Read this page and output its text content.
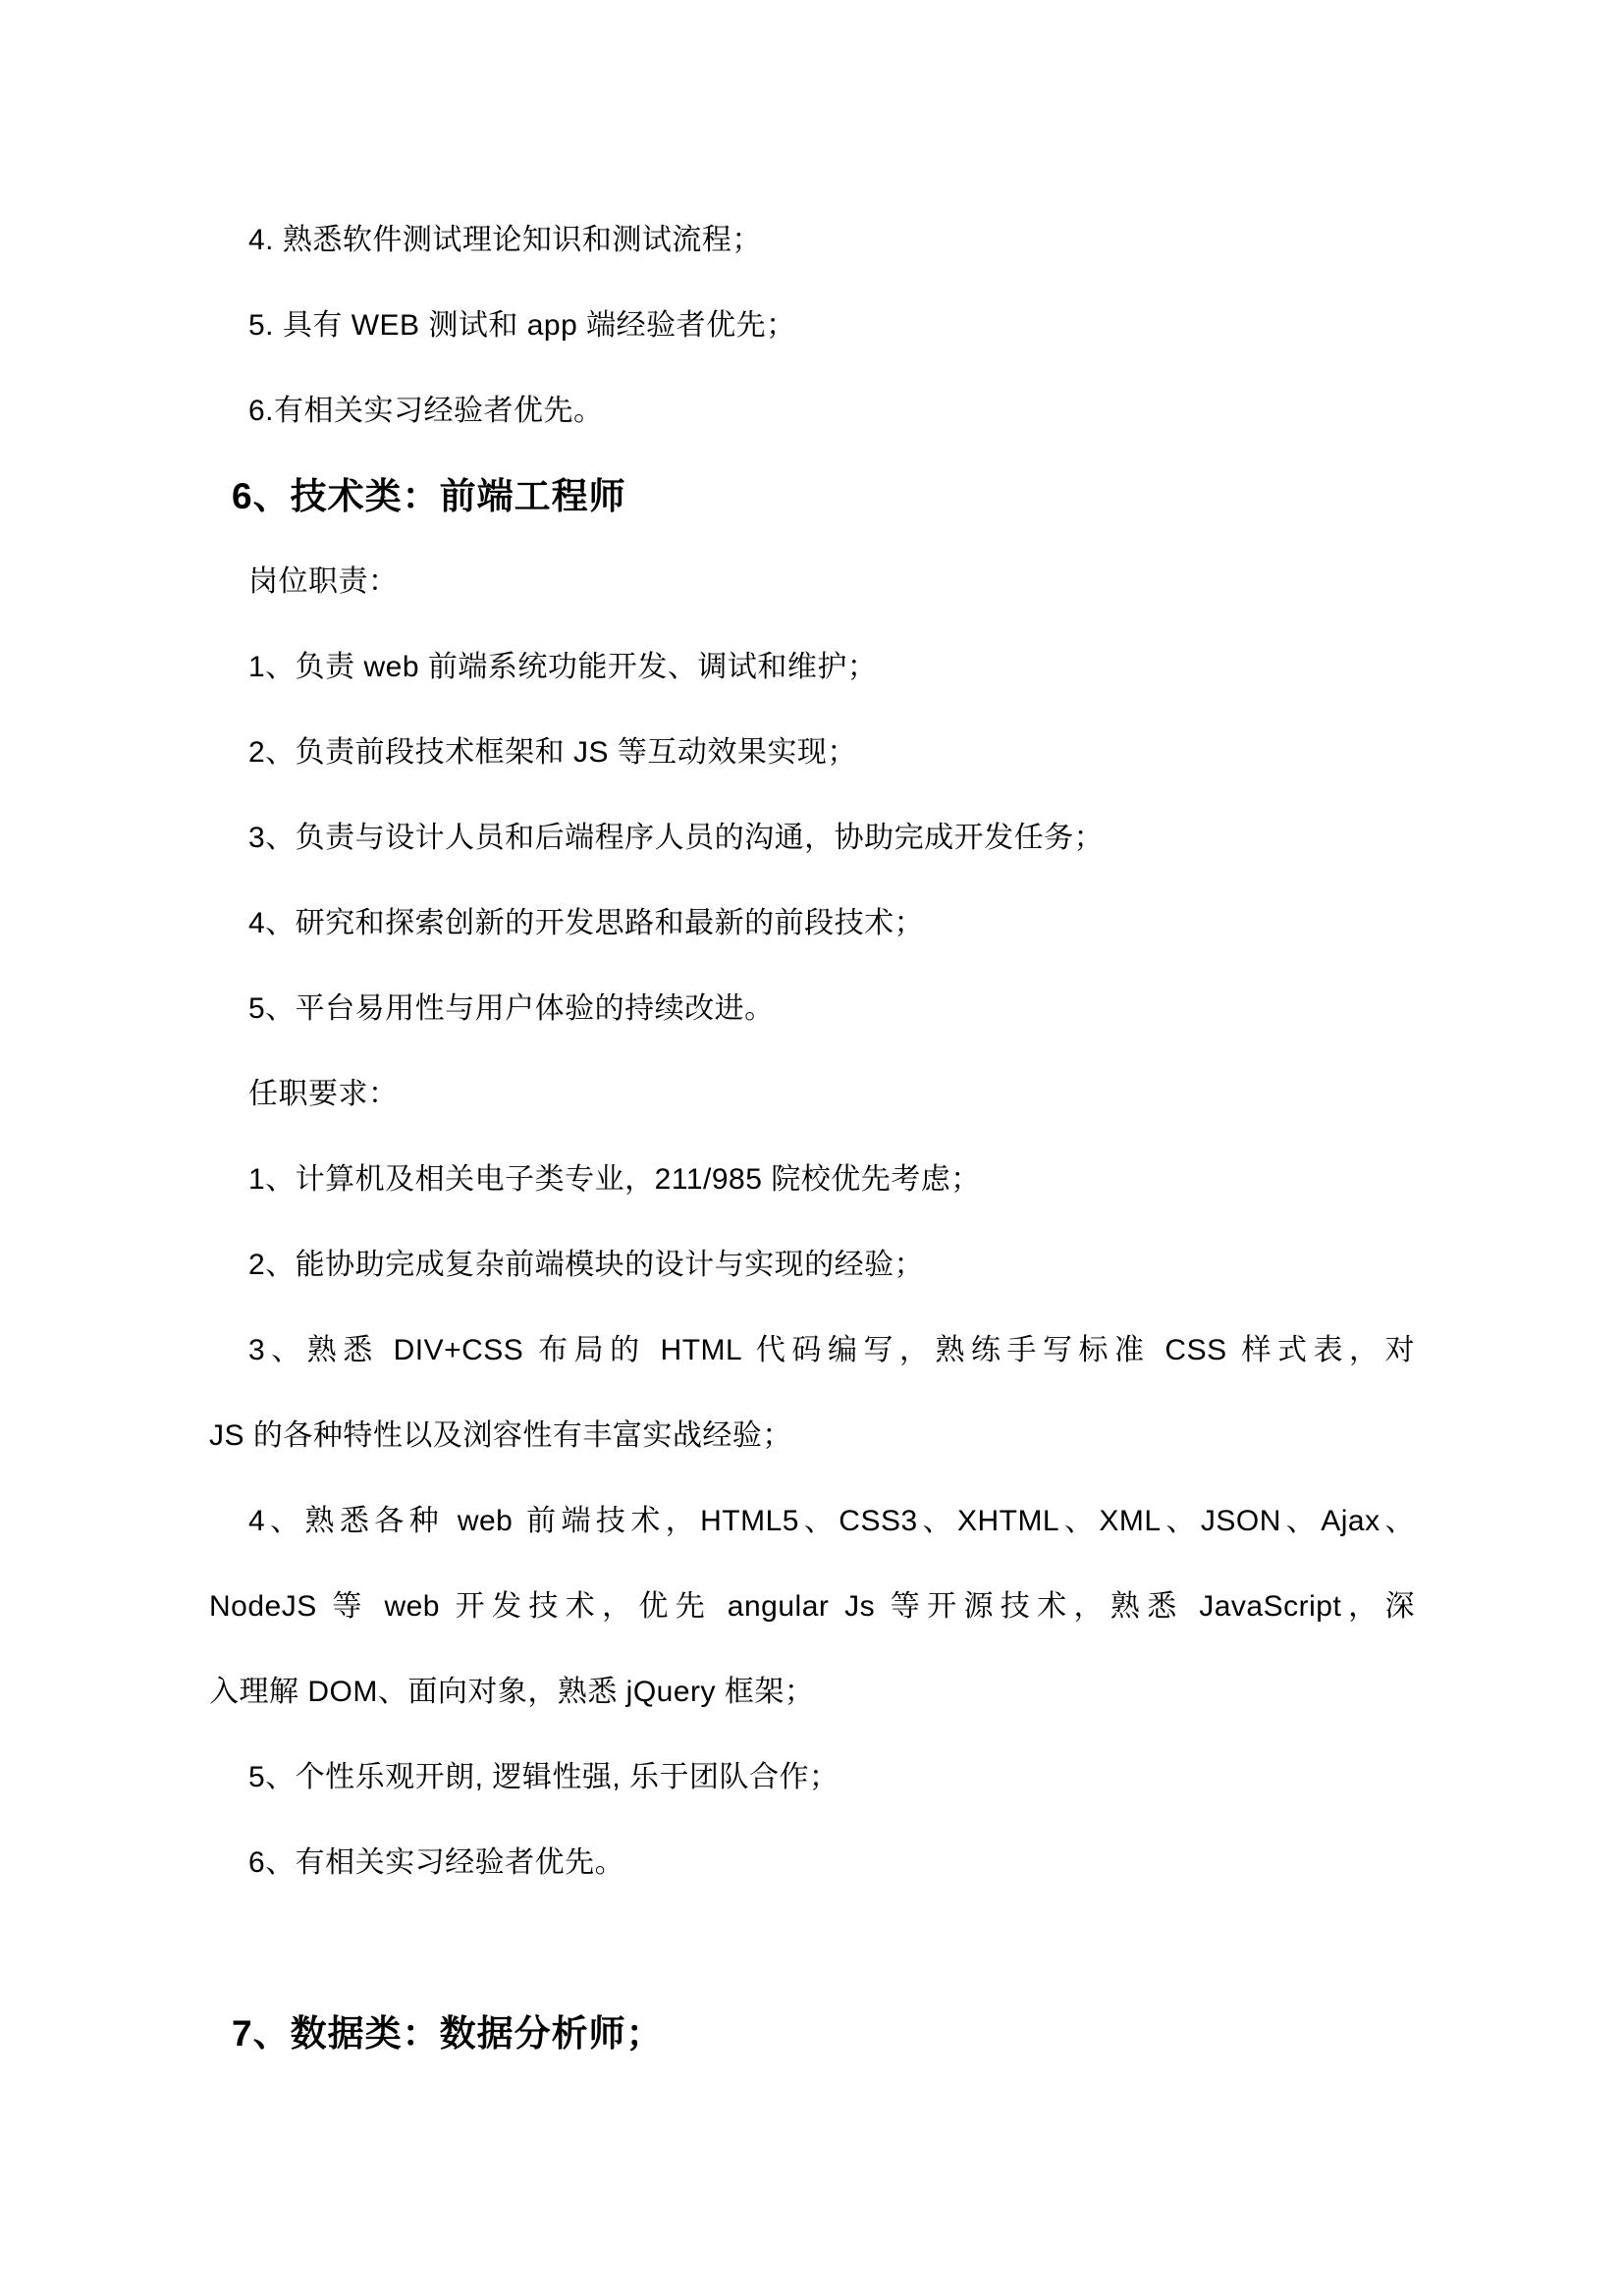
4. 熟悉软件测试理论知识和测试流程；
5. 具有 WEB 测试和 app 端经验者优先；
6.有相关实习经验者优先。
6、技术类：前端工程师
岗位职责：
1、负责 web 前端系统功能开发、调试和维护；
2、负责前段技术框架和 JS 等互动效果实现；
3、负责与设计人员和后端程序人员的沟通，协助完成开发任务；
4、研究和探索创新的开发思路和最新的前段技术；
5、平台易用性与用户体验的持续改进。
任职要求：
1、计算机及相关电子类专业，211/985 院校优先考虑；
2、能协助完成复杂前端模块的设计与实现的经验；
3、熟悉 DIV+CSS 布局的 HTML 代码编写，熟练手写标准 CSS 样式表，对
JS 的各种特性以及浏容性有丰富实战经验；
4、熟悉各种 web 前端技术，HTML5、CSS3、XHTML、XML、JSON、Ajax、
NodeJS 等 web 开发技术，优先 angular Js 等开源技术，熟悉 JavaScript，深
入理解 DOM、面向对象，熟悉 jQuery 框架；
5、个性乐观开朗, 逻辑性强, 乐于团队合作；
6、有相关实习经验者优先。
7、数据类：数据分析师；
